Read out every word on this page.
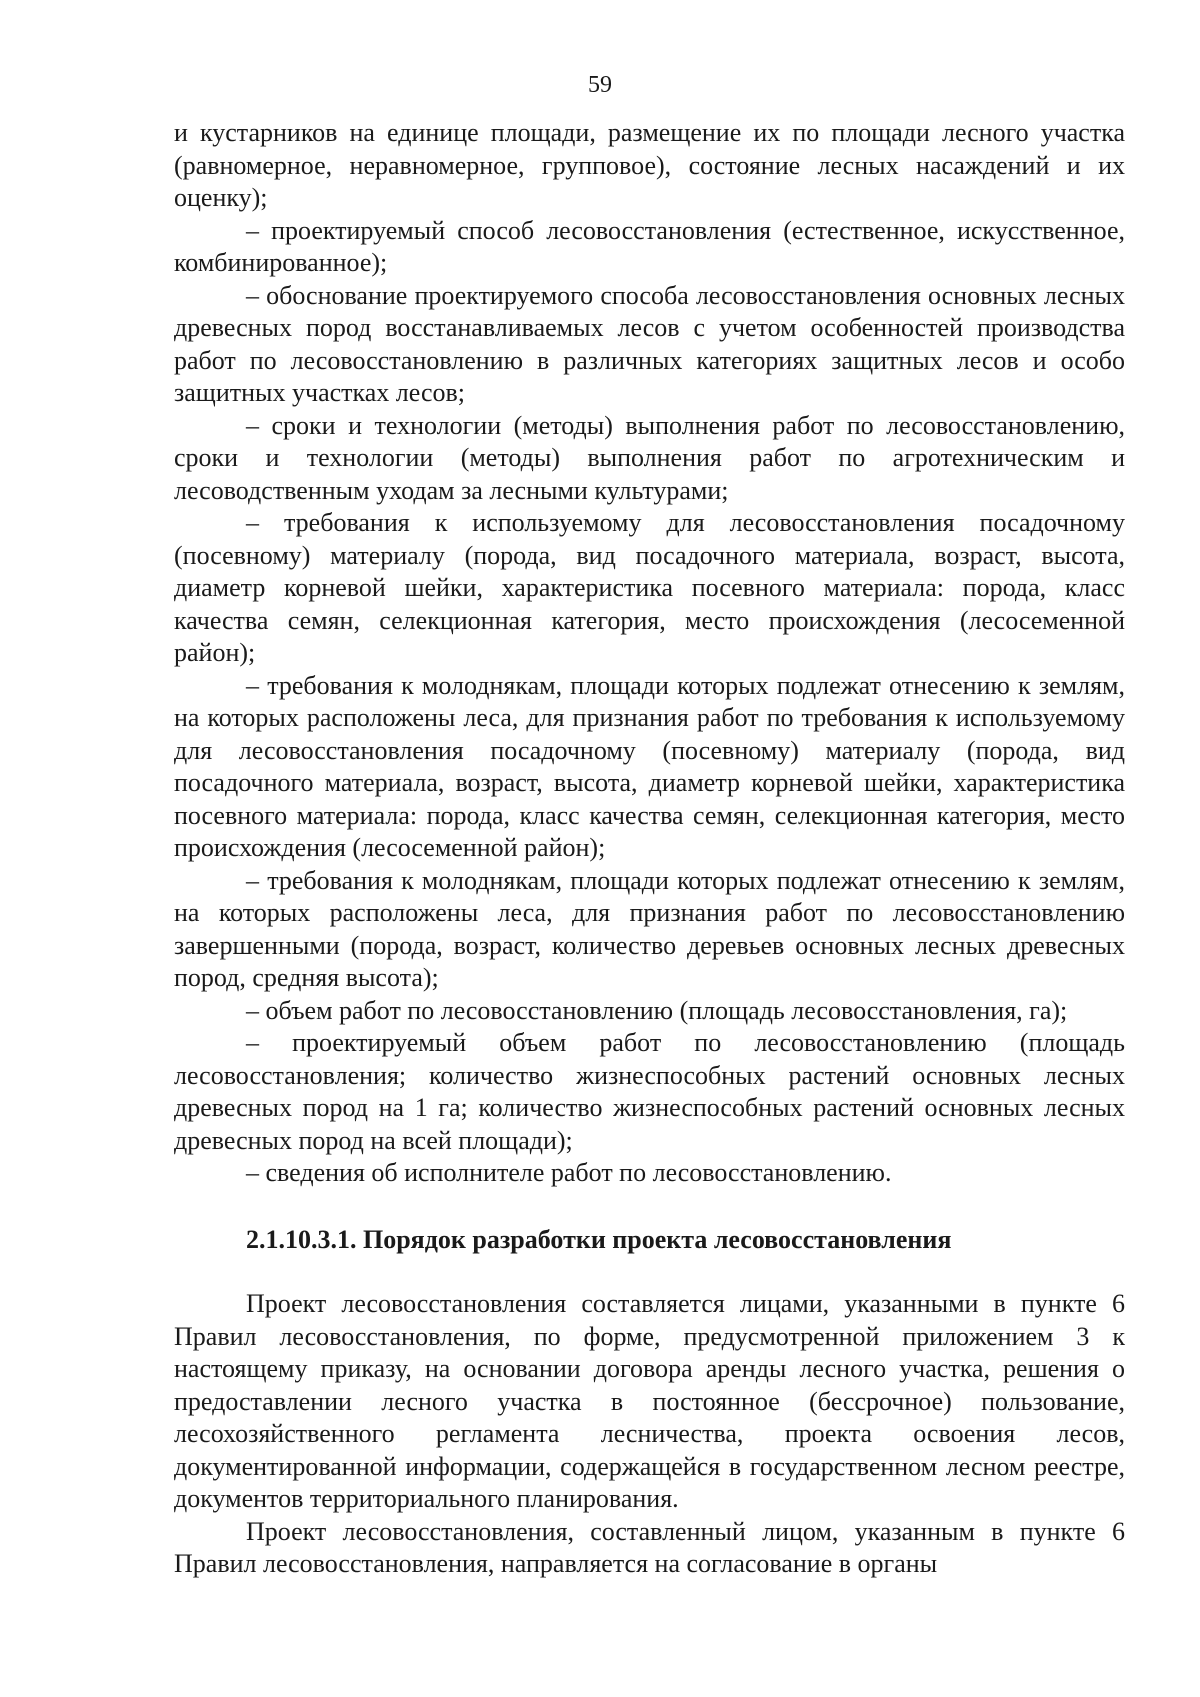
59

и кустарников на единице площади, размещение их по площади лесного участка (равномерное, неравномерное, групповое), состояние лесных насаждений и их оценку);

– проектируемый способ лесовосстановления (естественное, искусственное, комбинированное);

– обоснование проектируемого способа лесовосстановления основных лесных древесных пород восстанавливаемых лесов с учетом особенностей производства работ по лесовосстановлению в различных категориях защитных лесов и особо защитных участках лесов;

– сроки и технологии (методы) выполнения работ по лесовосстановлению, сроки и технологии (методы) выполнения работ по агротехническим и лесоводственным уходам за лесными культурами;

– требования к используемому для лесовосстановления посадочному (посевному) материалу (порода, вид посадочного материала, возраст, высота, диаметр корневой шейки, характеристика посевного материала: порода, класс качества семян, селекционная категория, место происхождения (лесосеменной район);

– требования к молоднякам, площади которых подлежат отнесению к землям, на которых расположены леса, для признания работ по требования к используемому для лесовосстановления посадочному (посевному) материалу (порода, вид посадочного материала, возраст, высота, диаметр корневой шейки, характеристика посевного материала: порода, класс качества семян, селекционная категория, место происхождения (лесосеменной район);

– требования к молоднякам, площади которых подлежат отнесению к землям, на которых расположены леса, для признания работ по лесовосстановлению завершенными (порода, возраст, количество деревьев основных лесных древесных пород, средняя высота);

– объем работ по лесовосстановлению (площадь лесовосстановления, га);

– проектируемый объем работ по лесовосстановлению (площадь лесовосстановления; количество жизнеспособных растений основных лесных древесных пород на 1 га; количество жизнеспособных растений основных лесных древесных пород на всей площади);

– сведения об исполнителе работ по лесовосстановлению.

2.1.10.3.1. Порядок разработки проекта лесовосстановления

Проект лесовосстановления составляется лицами, указанными в пункте 6 Правил лесовосстановления, по форме, предусмотренной приложением 3 к настоящему приказу, на основании договора аренды лесного участка, решения о предоставлении лесного участка в постоянное (бессрочное) пользование, лесохозяйственного регламента лесничества, проекта освоения лесов, документированной информации, содержащейся в государственном лесном реестре, документов территориального планирования.

Проект лесовосстановления, составленный лицом, указанным в пункте 6 Правил лесовосстановления, направляется на согласование в органы
